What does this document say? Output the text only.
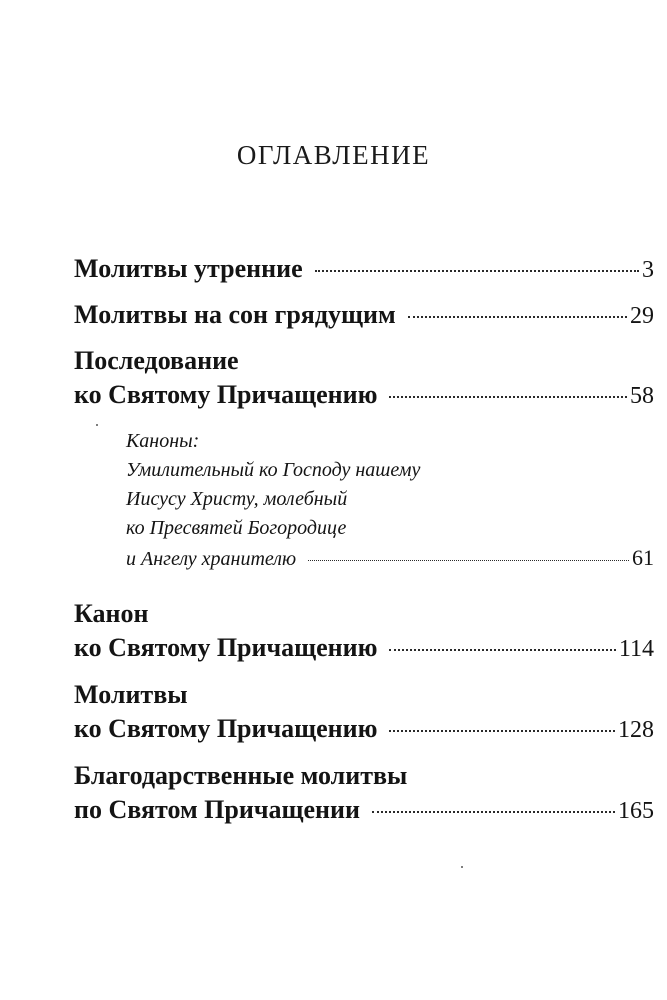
ОГЛАВЛЕНИЕ
Молитвы утренние	3
Молитвы на сон грядущим	29
Последование
ко Святому Причащению	58
Каноны:
Умилительный ко Господу нашему
Иисусу Христу, молебный
ко Пресвятей Богородице
и Ангелу хранителю	61
Канон
ко Святому Причащению	114
Молитвы
ко Святому Причащению	128
Благодарственные молитвы
по Святом Причащении	165
